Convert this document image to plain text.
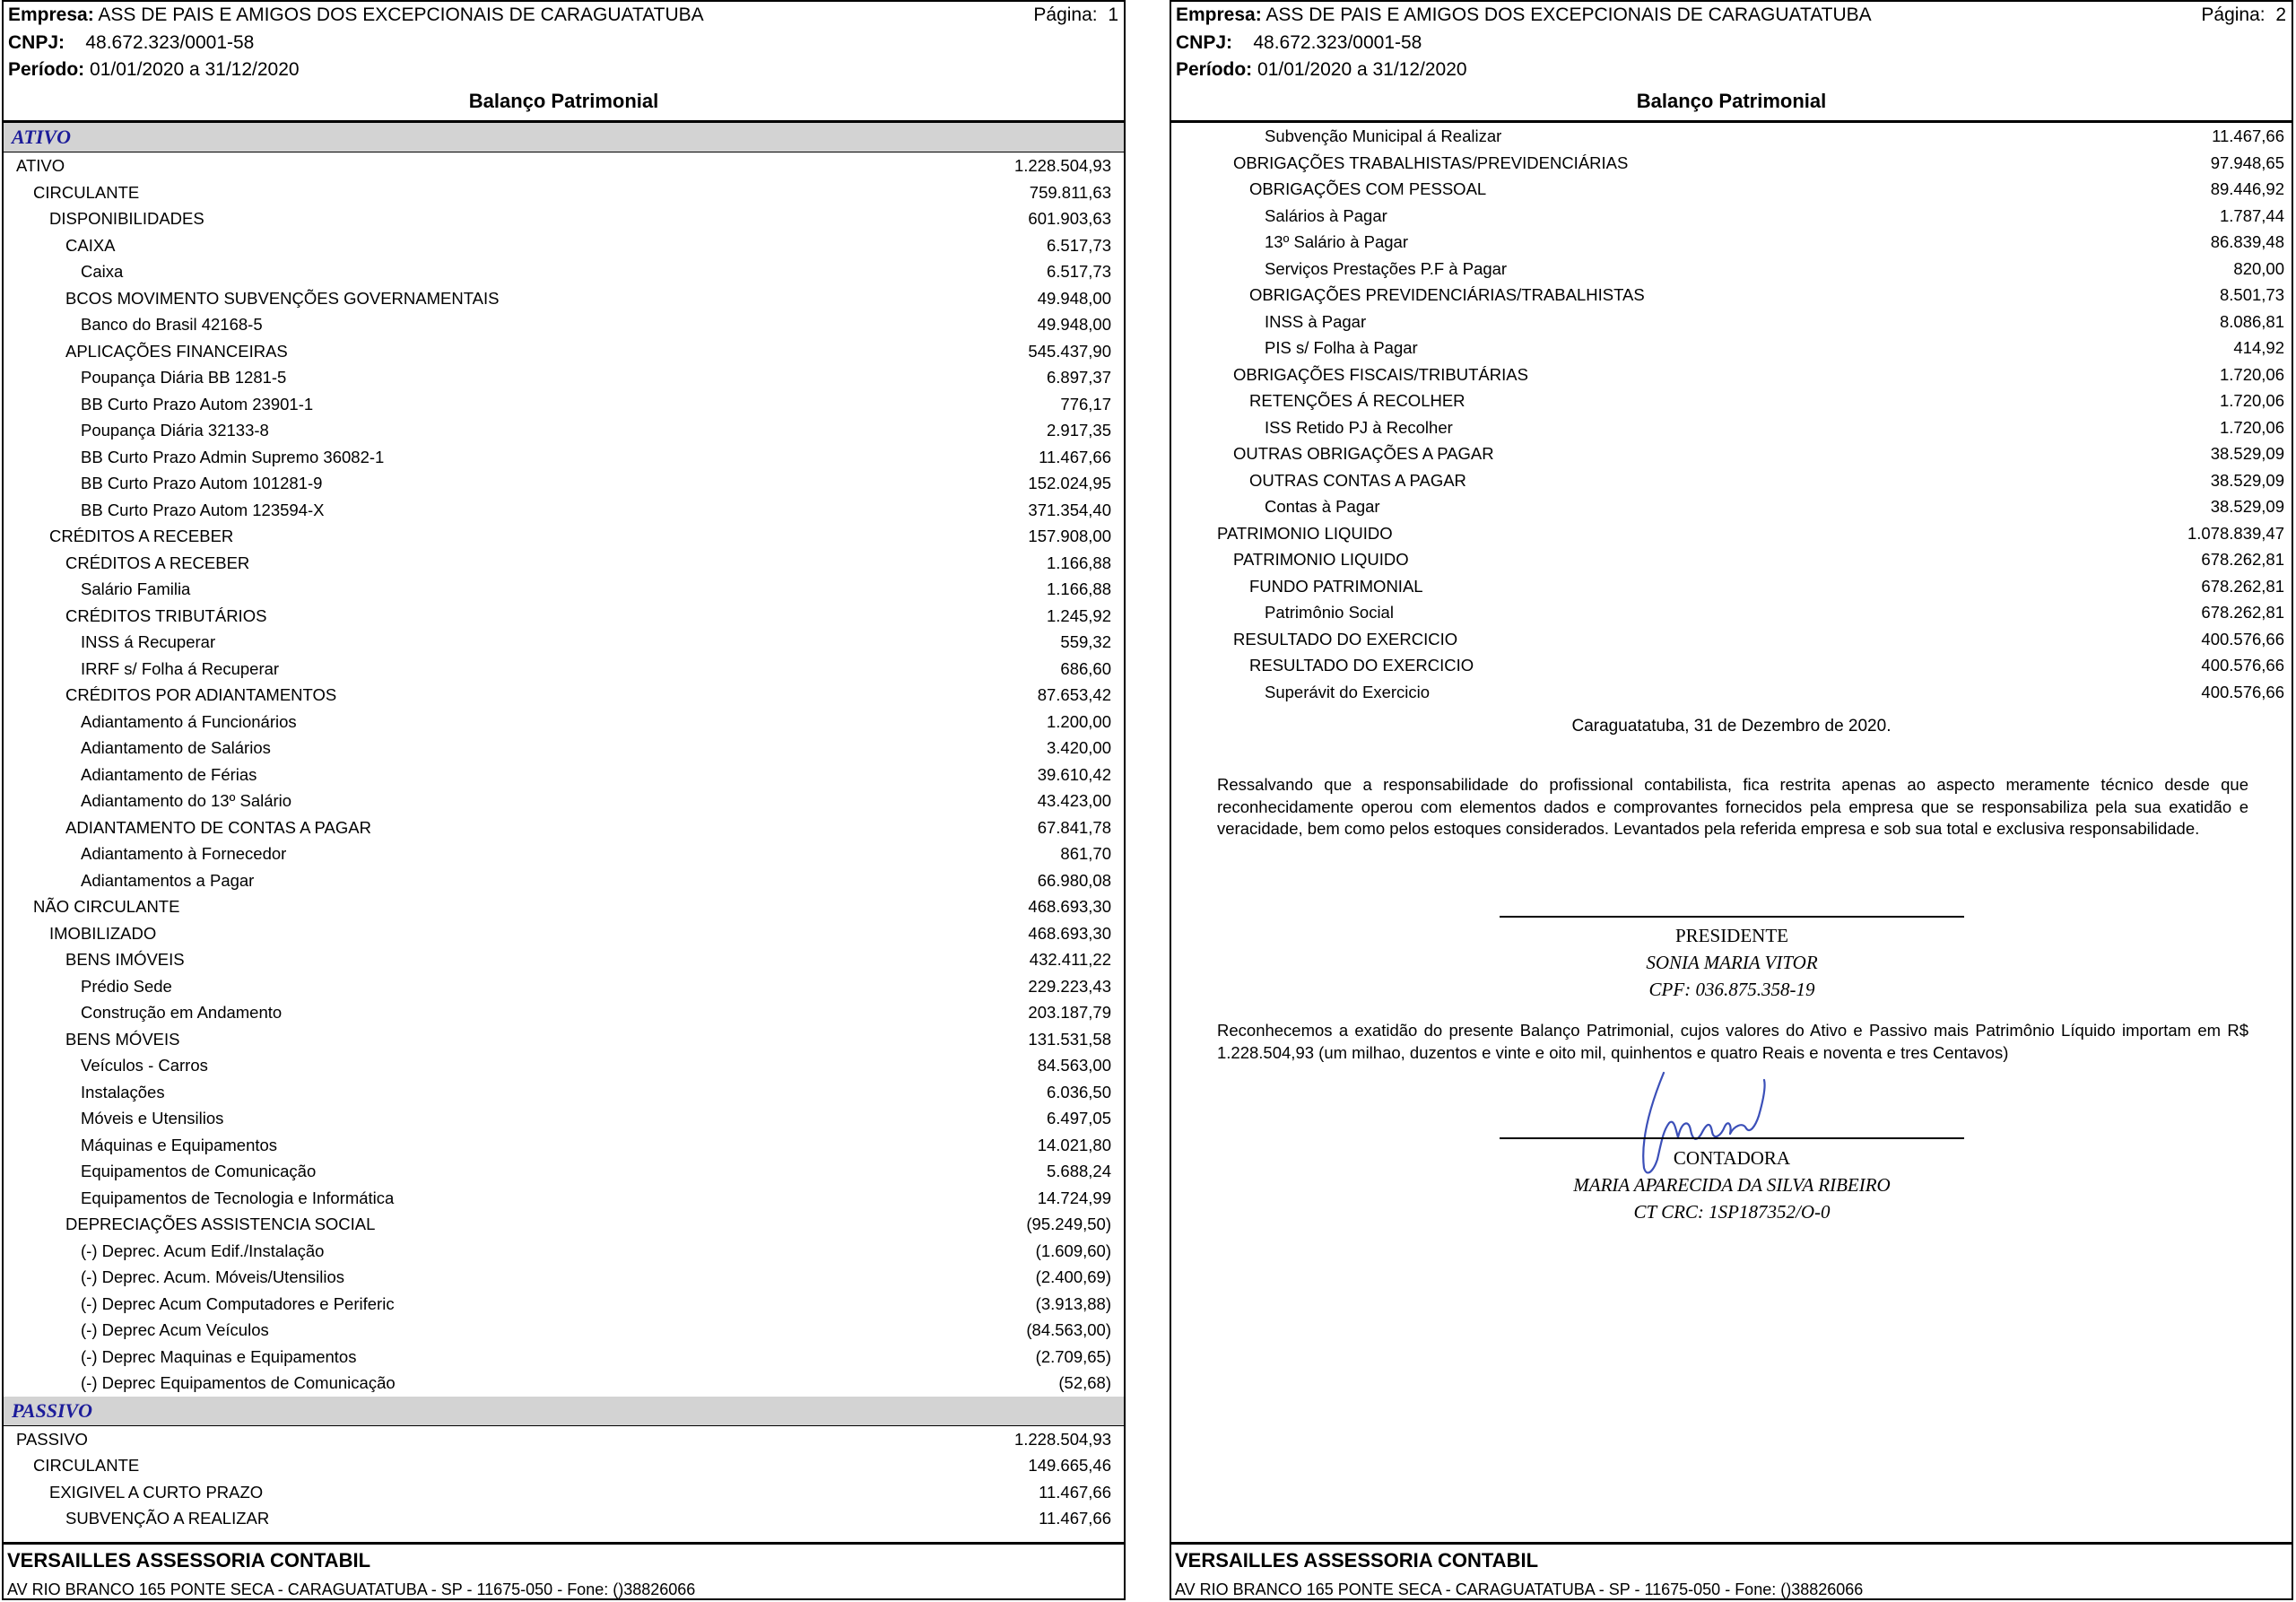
Empresa: ASS DE PAIS E AMIGOS DOS EXCEPCIONAIS DE CARAGUATATUBA	Página: 1
CNPJ: 48.672.323/0001-58
Período: 01/01/2020 a 31/12/2020
Balanço Patrimonial
ATIVO
ATIVO	1.228.504,93
CIRCULANTE	759.811,63
DISPONIBILIDADES	601.903,63
CAIXA	6.517,73
Caixa	6.517,73
BCOS MOVIMENTO SUBVENÇÕES GOVERNAMENTAIS	49.948,00
Banco do Brasil 42168-5	49.948,00
APLICAÇÕES FINANCEIRAS	545.437,90
Poupança Diária BB 1281-5	6.897,37
BB Curto Prazo Autom 23901-1	776,17
Poupança Diária 32133-8	2.917,35
BB Curto Prazo Admin Supremo 36082-1	11.467,66
BB Curto Prazo Autom 101281-9	152.024,95
BB Curto Prazo Autom 123594-X	371.354,40
CRÉDITOS A RECEBER	157.908,00
CRÉDITOS A RECEBER	1.166,88
Salário Familia	1.166,88
CRÉDITOS TRIBUTÁRIOS	1.245,92
INSS á Recuperar	559,32
IRRF s/ Folha á Recuperar	686,60
CRÉDITOS POR ADIANTAMENTOS	87.653,42
Adiantamento á Funcionários	1.200,00
Adiantamento de Salários	3.420,00
Adiantamento de Férias	39.610,42
Adiantamento do 13º Salário	43.423,00
ADIANTAMENTO DE CONTAS A PAGAR	67.841,78
Adiantamento à Fornecedor	861,70
Adiantamentos a Pagar	66.980,08
NÃO CIRCULANTE	468.693,30
IMOBILIZADO	468.693,30
BENS IMÓVEIS	432.411,22
Prédio Sede	229.223,43
Construção em Andamento	203.187,79
BENS MÓVEIS	131.531,58
Veículos - Carros	84.563,00
Instalações	6.036,50
Móveis e Utensilios	6.497,05
Máquinas e Equipamentos	14.021,80
Equipamentos de Comunicação	5.688,24
Equipamentos de Tecnologia e Informática	14.724,99
DEPRECIAÇÕES ASSISTENCIA SOCIAL	(95.249,50)
(-) Deprec. Acum Edif./Instalação	(1.609,60)
(-) Deprec. Acum. Móveis/Utensilios	(2.400,69)
(-) Deprec Acum Computadores e Periferic	(3.913,88)
(-) Deprec Acum Veículos	(84.563,00)
(-) Deprec Maquinas e Equipamentos	(2.709,65)
(-) Deprec Equipamentos de Comunicação	(52,68)
PASSIVO
PASSIVO	1.228.504,93
CIRCULANTE	149.665,46
EXIGIVEL A CURTO PRAZO	11.467,66
SUBVENÇÃO A REALIZAR	11.467,66
VERSAILLES ASSESSORIA CONTABIL
AV RIO BRANCO 165 PONTE SECA - CARAGUATATUBA - SP - 11675-050 - Fone: ()38826066
Empresa: ASS DE PAIS E AMIGOS DOS EXCEPCIONAIS DE CARAGUATATUBA	Página: 2
CNPJ: 48.672.323/0001-58
Período: 01/01/2020 a 31/12/2020
Balanço Patrimonial
Subvenção Municipal á Realizar	11.467,66
OBRIGAÇÕES TRABALHISTAS/PREVIDENCIÁRIAS	97.948,65
OBRIGAÇÕES COM PESSOAL	89.446,92
Salários à Pagar	1.787,44
13º Salário à Pagar	86.839,48
Serviços Prestações P.F à Pagar	820,00
OBRIGAÇÕES PREVIDENCIÁRIAS/TRABALHISTAS	8.501,73
INSS à Pagar	8.086,81
PIS s/ Folha à Pagar	414,92
OBRIGAÇÕES FISCAIS/TRIBUTÁRIAS	1.720,06
RETENÇÕES Á RECOLHER	1.720,06
ISS Retido PJ à Recolher	1.720,06
OUTRAS OBRIGAÇÕES A PAGAR	38.529,09
OUTRAS CONTAS A PAGAR	38.529,09
Contas à Pagar	38.529,09
PATRIMONIO LIQUIDO	1.078.839,47
PATRIMONIO LIQUIDO	678.262,81
FUNDO PATRIMONIAL	678.262,81
Patrimônio Social	678.262,81
RESULTADO DO EXERCICIO	400.576,66
RESULTADO DO EXERCICIO	400.576,66
Superávit do Exercicio	400.576,66
Caraguatatuba, 31 de Dezembro de 2020.
Ressalvando que a responsabilidade do profissional contabilista, fica restrita apenas ao aspecto meramente técnico desde que reconhecidamente operou com elementos dados e comprovantes fornecidos pela empresa que se responsabiliza pela sua exatidão e veracidade, bem como pelos estoques considerados. Levantados pela referida empresa e sob sua total e exclusiva responsabilidade.
PRESIDENTE
SONIA MARIA VITOR
CPF: 036.875.358-19
Reconhecemos a exatidão do presente Balanço Patrimonial, cujos valores do Ativo e Passivo mais Patrimônio Líquido importam em R$ 1.228.504,93 (um milhao, duzentos e vinte e oito mil, quinhentos e quatro Reais e noventa e tres Centavos)
CONTADORA
MARIA APARECIDA DA SILVA RIBEIRO
CT CRC: 1SP187352/O-0
VERSAILLES ASSESSORIA CONTABIL
AV RIO BRANCO 165 PONTE SECA - CARAGUATATUBA - SP - 11675-050 - Fone: ()38826066
